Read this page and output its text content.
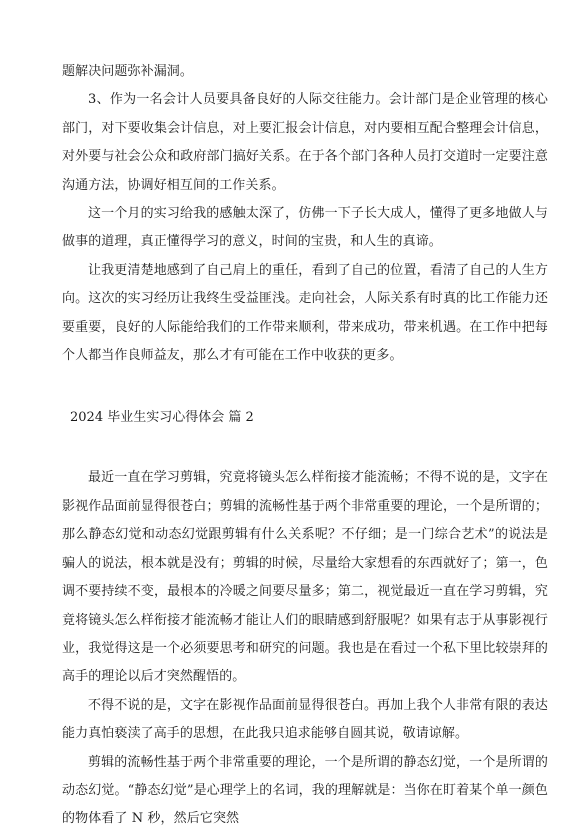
题解决问题弥补漏洞。

3、作为一名会计人员要具备良好的人际交往能力。会计部门是企业管理的核心部门，对下要收集会计信息，对上要汇报会计信息，对内要相互配合整理会计信息，对外要与社会公众和政府部门搞好关系。在于各个部门各种人员打交道时一定要注意沟通方法，协调好相互间的工作关系。

这一个月的实习给我的感触太深了，仿佛一下子长大成人，懂得了更多地做人与做事的道理，真正懂得学习的意义，时间的宝贵，和人生的真谛。

让我更清楚地感到了自己肩上的重任，看到了自己的位置，看清了自己的人生方向。这次的实习经历让我终生受益匪浅。走向社会，人际关系有时真的比工作能力还要重要，良好的人际能给我们的工作带来顺利，带来成功，带来机遇。在工作中把每个人都当作良师益友，那么才有可能在工作中收获的更多。

2024 毕业生实习心得体会 篇 2

最近一直在学习剪辑，究竟将镜头怎么样衔接才能流畅；不得不说的是，文字在影视作品面前显得很苍白；剪辑的流畅性基于两个非常重要的理论，一个是所谓的；那么静态幻觉和动态幻觉跟剪辑有什么关系呢？不仔细；是一门综合艺术”的说法是骗人的说法，根本就是没有；剪辑的时候，尽量给大家想看的东西就好了；第一，色调不要持续不变，最根本的冷暖之间要尽量多；第二，视觉最近一直在学习剪辑，究竟将镜头怎么样衔接才能流畅才能让人们的眼睛感到舒服呢？如果有志于从事影视行业，我觉得这是一个必须要思考和研究的问题。我也是在看过一个私下里比较崇拜的高手的理论以后才突然醒悟的。

不得不说的是，文字在影视作品面前显得很苍白。再加上我个人非常有限的表达能力真怕亵渎了高手的思想，在此我只追求能够自圆其说，敬请谅解。

剪辑的流畅性基于两个非常重要的理论，一个是所谓的静态幻觉，一个是所谓的动态幻觉。“静态幻觉”是心理学上的名词，我的理解就是：当你在盯着某个单一颜色的物体看了 N 秒，然后它突然
